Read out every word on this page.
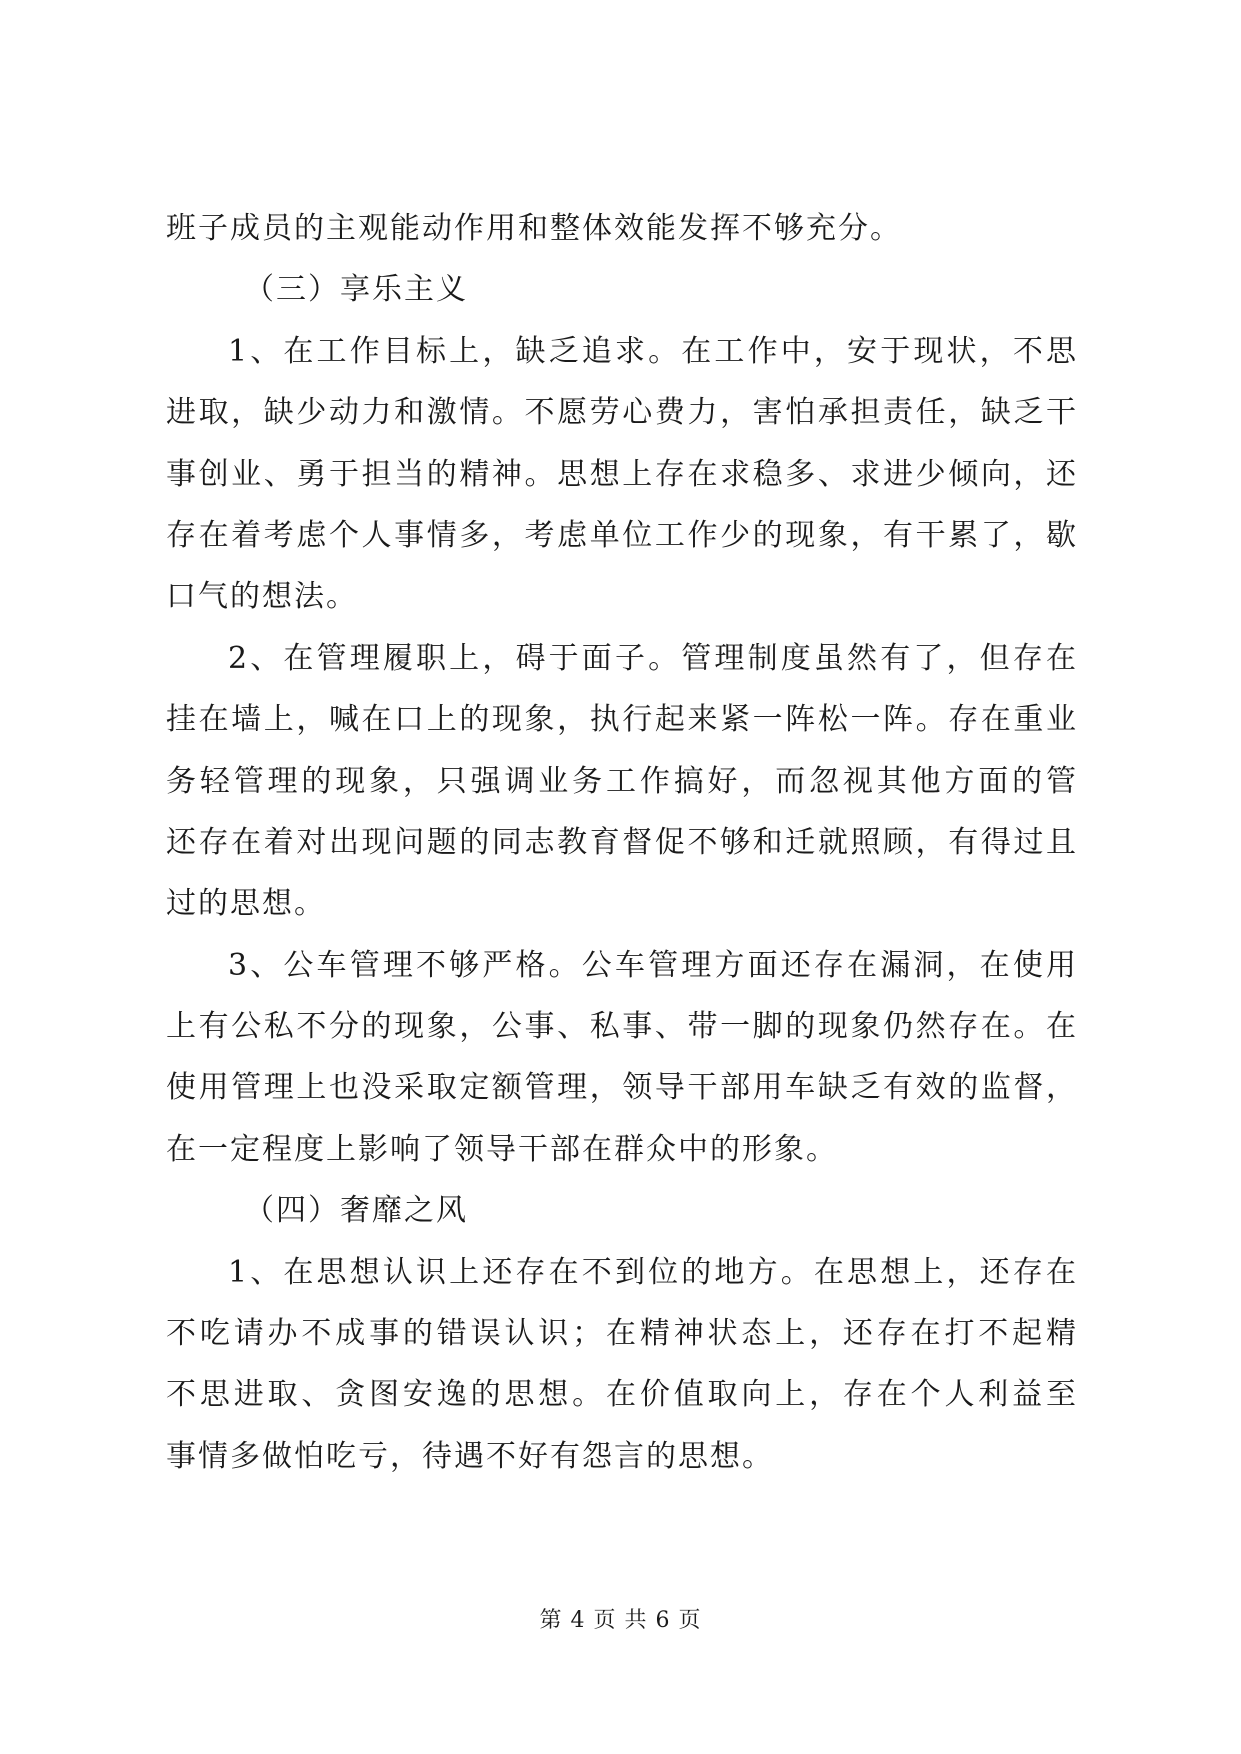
班子成员的主观能动作用和整体效能发挥不够充分。
（三）享乐主义
1、在工作目标上，缺乏追求。在工作中，安于现状，不思
进取，缺少动力和激情。不愿劳心费力，害怕承担责任，缺乏干
事创业、勇于担当的精神。思想上存在求稳多、求进少倾向，还
存在着考虑个人事情多，考虑单位工作少的现象，有干累了，歇
口气的想法。
2、在管理履职上，碍于面子。管理制度虽然有了，但存在
挂在墙上，喊在口上的现象，执行起来紧一阵松一阵。存在重业
务轻管理的现象，只强调业务工作搞好，而忽视其他方面的管
还存在着对出现问题的同志教育督促不够和迁就照顾，有得过且
过的思想。
3、公车管理不够严格。公车管理方面还存在漏洞，在使用
上有公私不分的现象，公事、私事、带一脚的现象仍然存在。在
使用管理上也没采取定额管理，领导干部用车缺乏有效的监督，
在一定程度上影响了领导干部在群众中的形象。
（四）奢靡之风
1、在思想认识上还存在不到位的地方。在思想上，还存在
不吃请办不成事的错误认识；在精神状态上，还存在打不起精
不思进取、贪图安逸的思想。在价值取向上，存在个人利益至
事情多做怕吃亏，待遇不好有怨言的思想。
第 4 页 共 6 页
